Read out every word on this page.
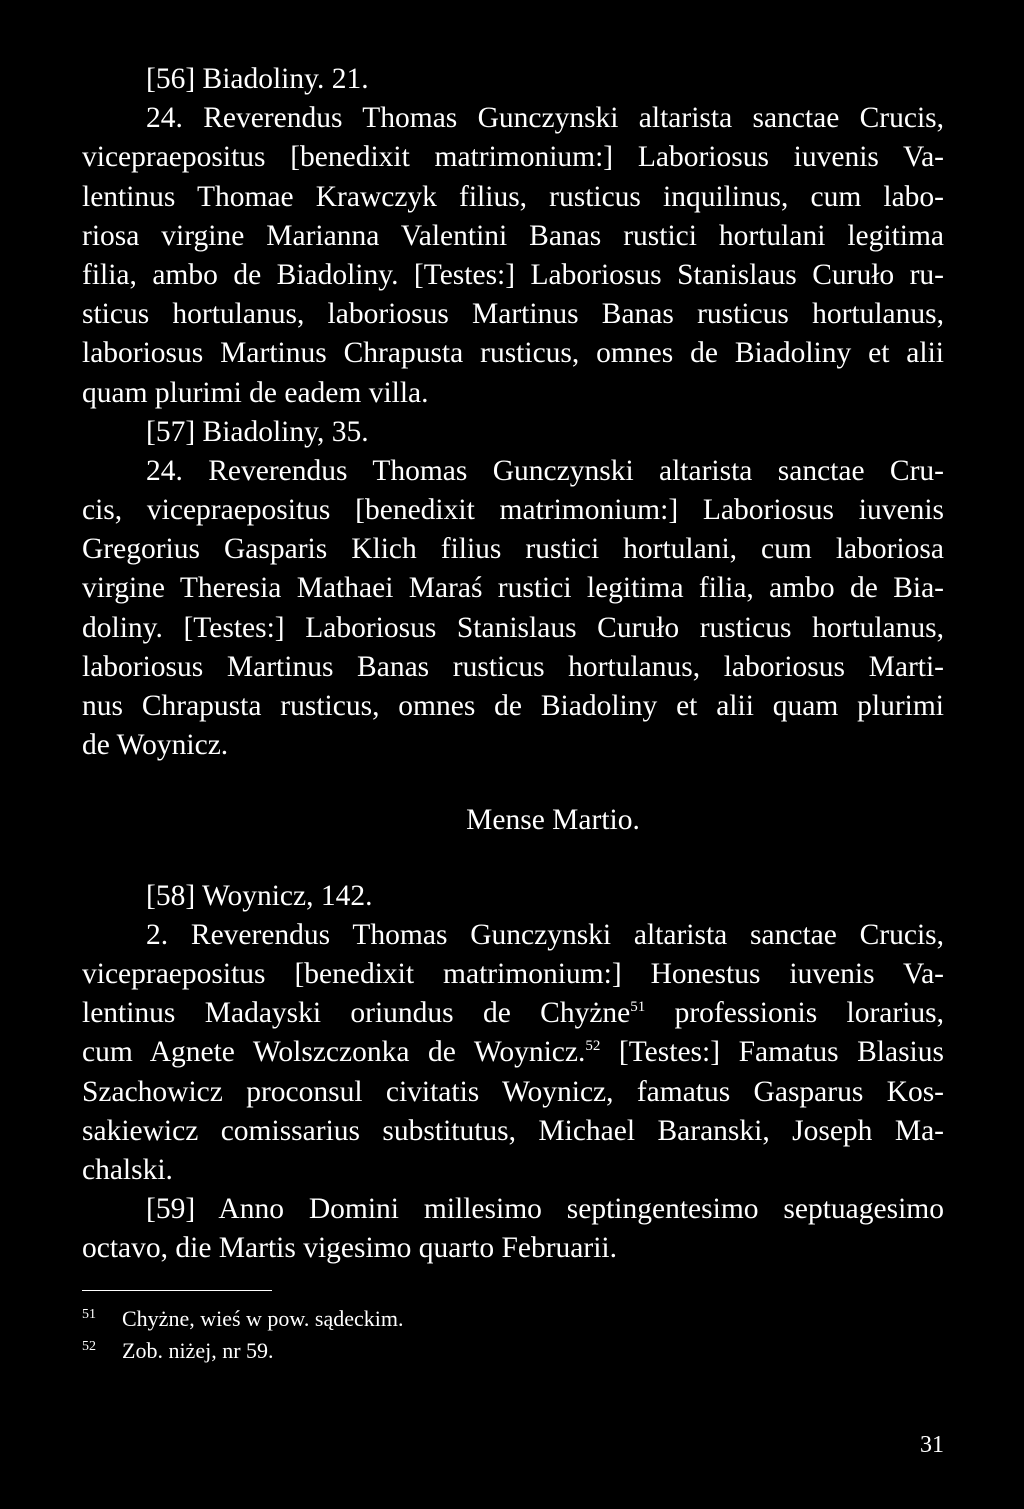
[56] Biadoliny. 21.
24. Reverendus Thomas Gunczynski altarista sanctae Crucis,
vicepraepositus [benedixit matrimonium:] Laboriosus iuvenis Va-
lentinus Thomae Krawczyk filius, rusticus inquilinus, cum labo-
riosa virgine Marianna Valentini Banas rustici hortulani legitima
filia, ambo de Biadoliny. [Testes:] Laboriosus Stanislaus Curuło ru-
sticus hortulanus, laboriosus Martinus Banas rusticus hortulanus,
laboriosus Martinus Chrapusta rusticus, omnes de Biadoliny et alii
quam plurimi de eadem villa.
[57] Biadoliny, 35.
24. Reverendus Thomas Gunczynski altarista sanctae Cru-
cis, vicepraepositus [benedixit matrimonium:] Laboriosus iuvenis
Gregorius Gasparis Klich filius rustici hortulani, cum laboriosa
virgine Theresia Mathaei Maraś rustici legitima filia, ambo de Bia-
doliny. [Testes:] Laboriosus Stanislaus Curuło rusticus hortulanus,
laboriosus Martinus Banas rusticus hortulanus, laboriosus Marti-
nus Chrapusta rusticus, omnes de Biadoliny et alii quam plurimi
de Woynicz.
Mense Martio.
[58] Woynicz, 142.
2. Reverendus Thomas Gunczynski altarista sanctae Crucis,
vicepraepositus [benedixit matrimonium:] Honestus iuvenis Va-
lentinus Madayski oriundus de Chyżne$^{51}$ professionis lorarius,
cum Agnete Wolszczonka de Woynicz.$^{52}$ [Testes:] Famatus Blasius
Szachowicz proconsul civitatis Woynicz, famatus Gasparus Kos-
sakiewicz comissarius substitutus, Michael Baranski, Joseph Ma-
chalski.
[59] Anno Domini millesimo septingentesimo septuagesimo
octavo, die Martis vigesimo quarto Februarii.
51 Chyżne, wieś w pow. sądeckim.
52 Zob. niżej, nr 59.
31
